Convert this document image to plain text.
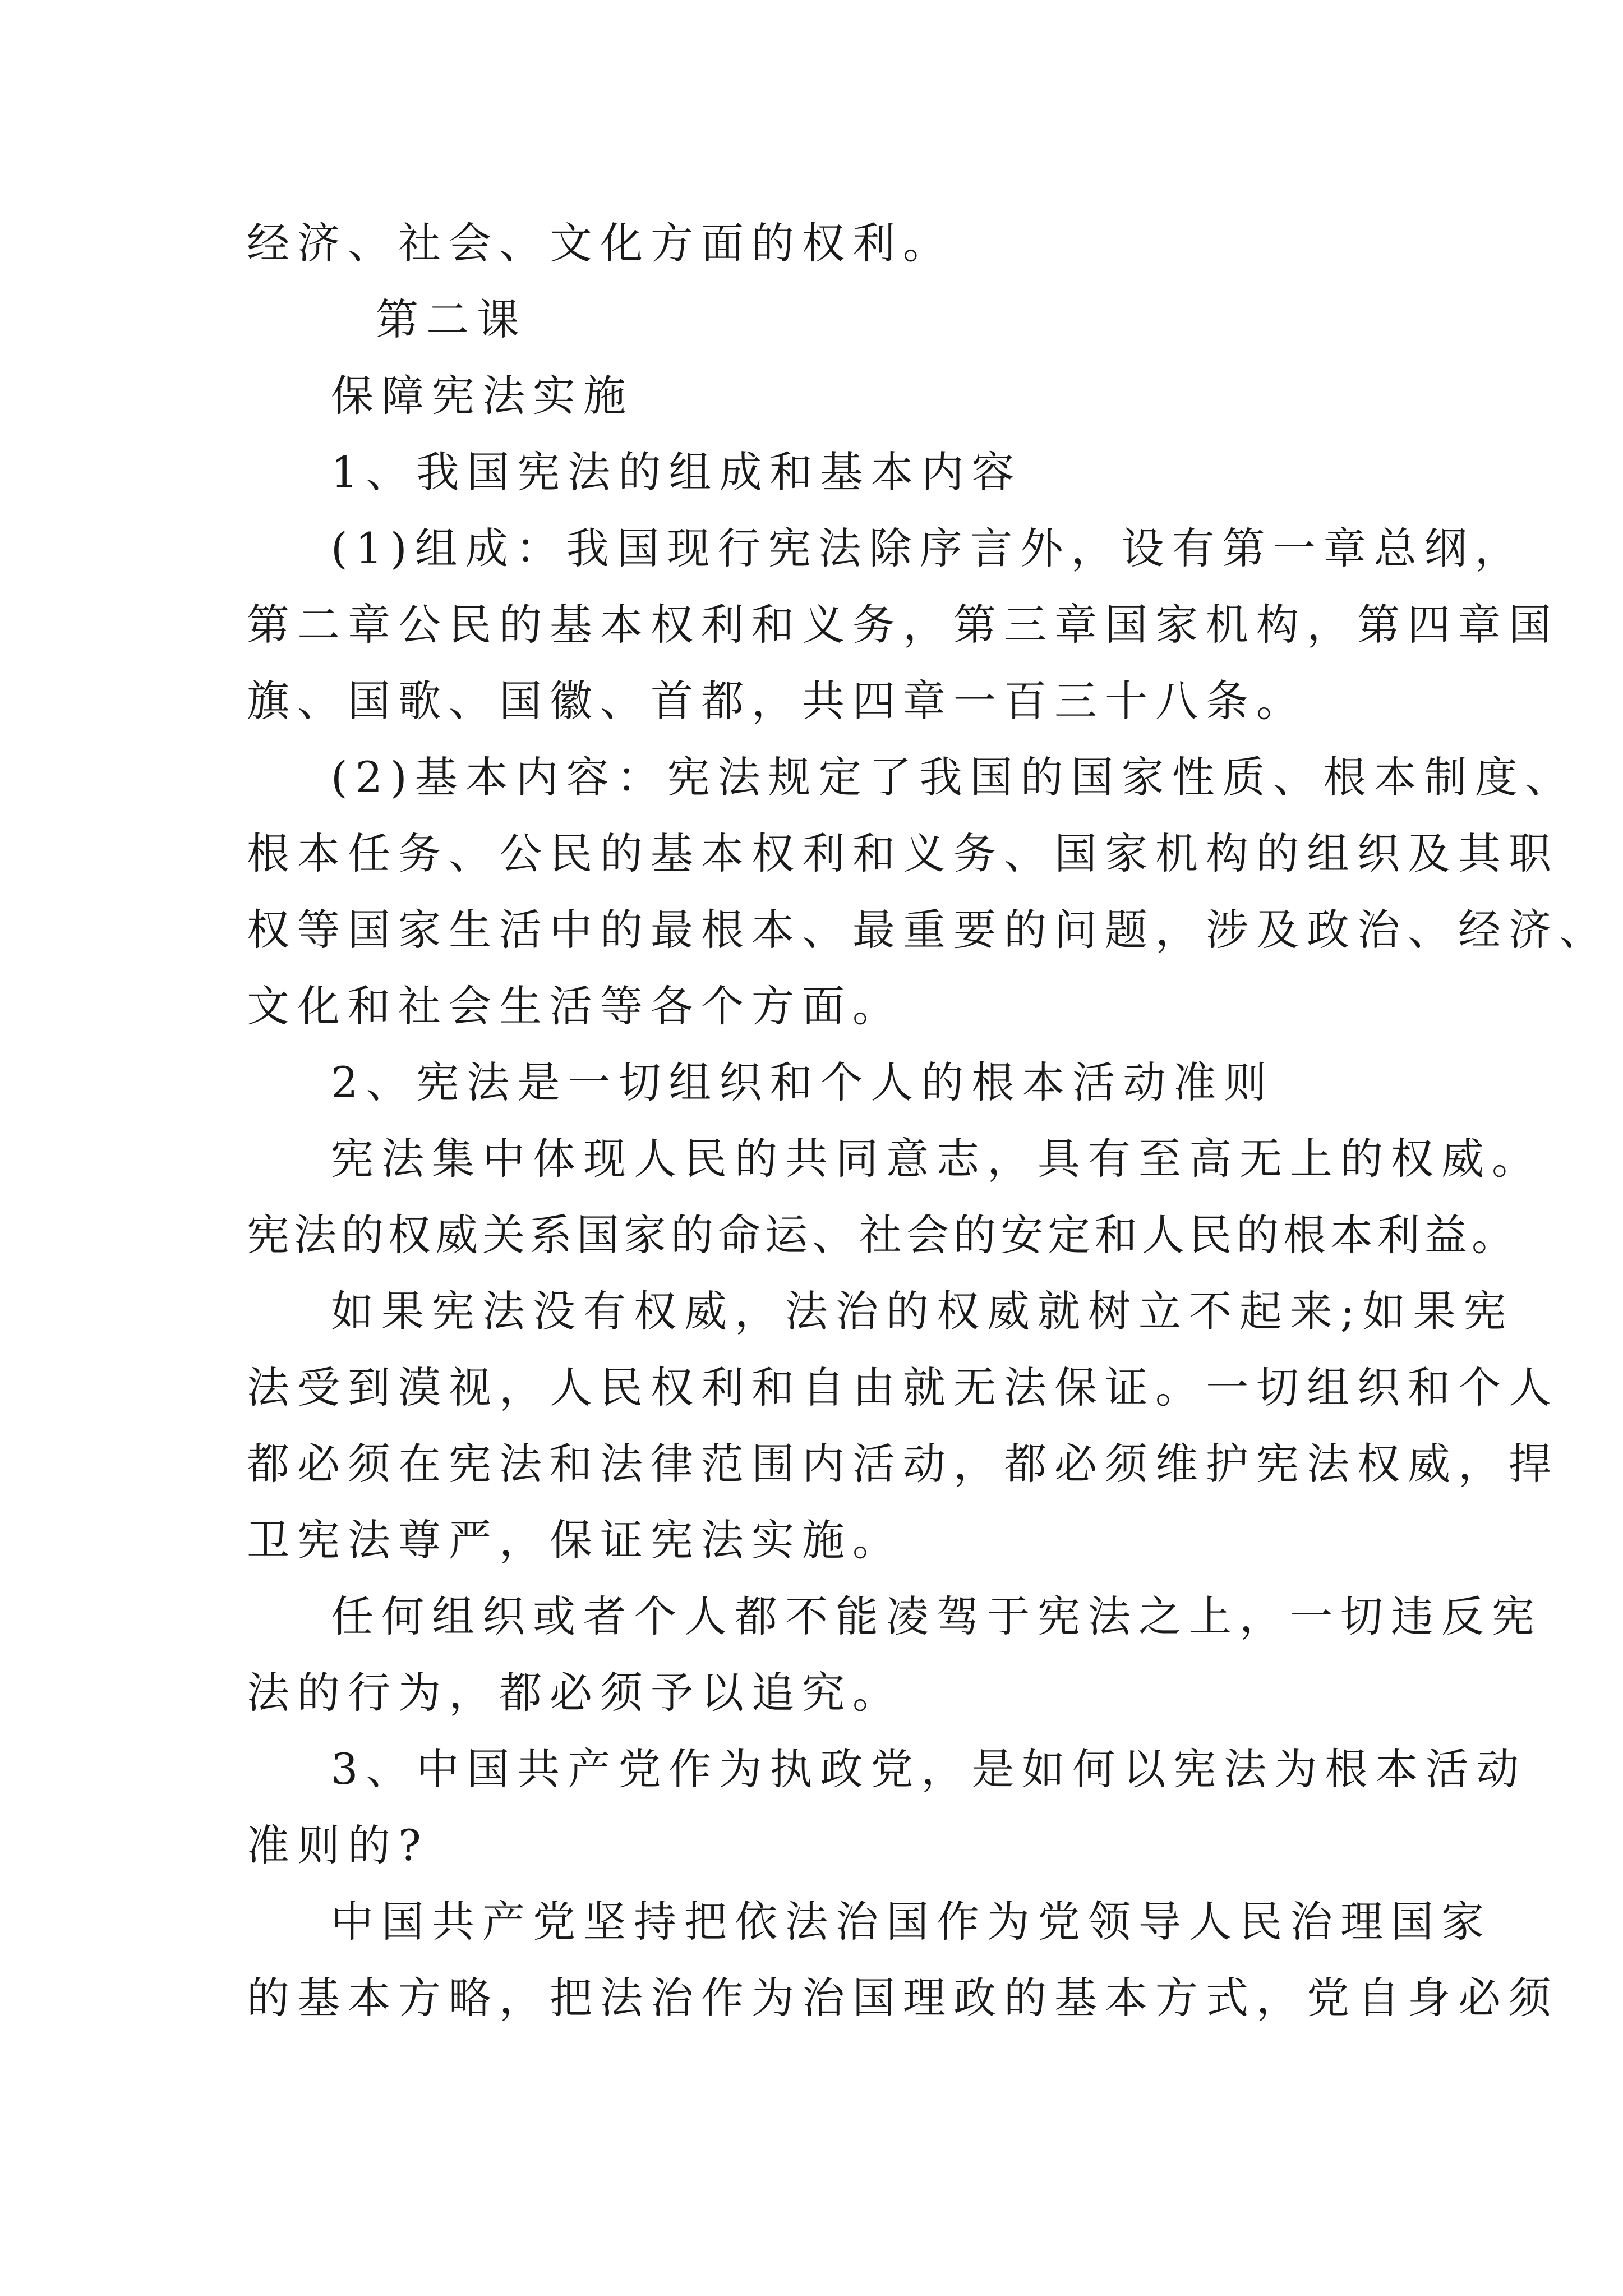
经济、社会、文化方面的权利。
第二课
保障宪法实施
1、我国宪法的组成和基本内容
(1)组成：我国现行宪法除序言外，设有第一章总纲，
第二章公民的基本权利和义务，第三章国家机构，第四章国
旗、国歌、国徽、首都，共四章一百三十八条。
(2)基本内容：宪法规定了我国的国家性质、根本制度、
根本任务、公民的基本权利和义务、国家机构的组织及其职
权等国家生活中的最根本、最重要的问题，涉及政治、经济、
文化和社会生活等各个方面。
2、宪法是一切组织和个人的根本活动准则
宪法集中体现人民的共同意志，具有至高无上的权威。
宪法的权威关系国家的命运、社会的安定和人民的根本利益。
如果宪法没有权威，法治的权威就树立不起来;如果宪
法受到漠视，人民权利和自由就无法保证。一切组织和个人
都必须在宪法和法律范围内活动，都必须维护宪法权威，捍
卫宪法尊严，保证宪法实施。
任何组织或者个人都不能凌驾于宪法之上，一切违反宪
法的行为，都必须予以追究。
3、中国共产党作为执政党，是如何以宪法为根本活动
准则的?
中国共产党坚持把依法治国作为党领导人民治理国家
的基本方略，把法治作为治国理政的基本方式，党自身必须
